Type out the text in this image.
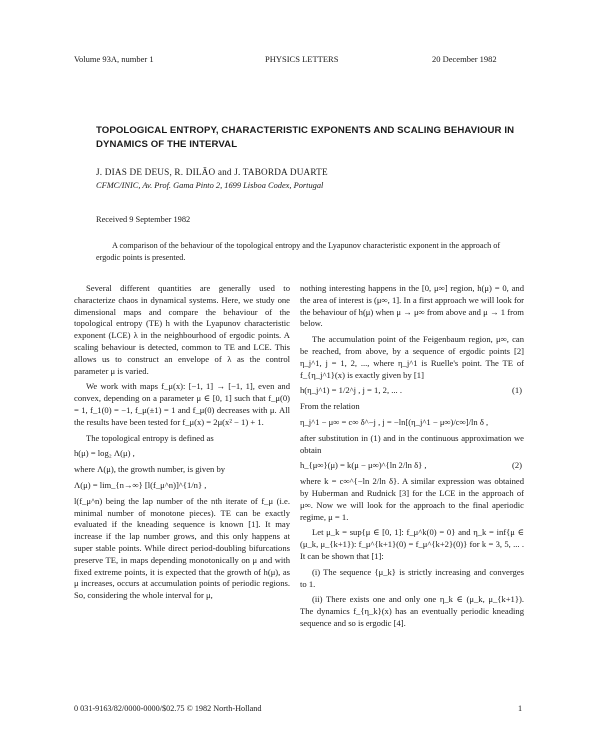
Volume 93A, number 1	PHYSICS LETTERS	20 December 1982
TOPOLOGICAL ENTROPY, CHARACTERISTIC EXPONENTS AND SCALING BEHAVIOUR IN DYNAMICS OF THE INTERVAL
J. DIAS DE DEUS, R. DILÃO and J. TABORDA DUARTE
CFMC/INIC, Av. Prof. Gama Pinto 2, 1699 Lisboa Codex, Portugal
Received 9 September 1982
A comparison of the behaviour of the topological entropy and the Lyapunov characteristic exponent in the approach of ergodic points is presented.

Several different quantities are generally used to characterize chaos in dynamical systems. Here, we study one dimensional maps and compare the behaviour of the topological entropy (TE) h with the Lyapunov characteristic exponent (LCE) λ in the neighbourhood of ergodic points. A scaling behaviour is detected, common to TE and LCE. This allows us to construct an envelope of λ as the control parameter μ is varied.

We work with maps f_μ(x): [−1, 1] → [−1, 1], even and convex, depending on a parameter μ ∈ [0, 1] such that f_μ(0) = 1, f_1(0) = −1, f_μ(±1) = 1 and f_μ(0) decreases with μ. All the results have been tested for f_μ(x) = 2μ(x² − 1) + 1.

The topological entropy is defined as

h(μ) = log₂ Λ(μ) ,

where Λ(μ), the growth number, is given by

Λ(μ) = lim_{n→∞} [l(f_μ^n)]^{1/n} ,

l(f_μ^n) being the lap number of the nth iterate of f_μ (i.e. minimal number of monotone pieces). TE can be exactly evaluated if the kneading sequence is known [1]. It may increase if the lap number grows, and this only happens at super stable points. While direct period-doubling bifurcations preserve TE, in maps depending monotonically on μ and with fixed extreme points, it is expected that the growth of h(μ), as μ increases, occurs at accumulation points of periodic regions. So, considering the whole interval for μ,

nothing interesting happens in the [0, μ∞] region, h(μ) = 0, and the area of interest is (μ∞, 1]. In a first approach we will look for the behaviour of h(μ) when μ → μ∞ from above and μ → 1 from below.

The accumulation point of the Feigenbaum region, μ∞, can be reached, from above, by a sequence of ergodic points [2] η_j^1, j = 1, 2, ..., where η_j^1 is Ruelle's point. The TE of f_{η_j^1}(x) is exactly given by [1]

h(η_j^1) = 1/2^j , j = 1, 2, ... .	(1)

From the relation

η_j^1 − μ∞ = c∞ δ^−j , j = −ln[(η_j^1 − μ∞)/c∞]/ln δ ,

after substitution in (1) and in the continuous approximation we obtain

h_{μ∞}(μ) = k(μ − μ∞)^{ln 2/ln δ} ,	(2)

where k = c∞^{−ln 2/ln δ}. A similar expression was obtained by Huberman and Rudnick [3] for the LCE in the approach of μ∞. Now we will look for the approach to the final aperiodic regime, μ = 1.

Let μ_k = sup{μ ∈ [0, 1]: f_μ^k(0) = 0} and η_k = inf{μ ∈ (μ_k, μ_{k+1}): f_μ^{k+1}(0) = f_μ^{k+2}(0)} for k = 3, 5, ... . It can be shown that [1]:

(i) The sequence {μ_k} is strictly increasing and converges to 1.

(ii) There exists one and only one η_k ∈ (μ_k, μ_{k+1}). The dynamics f_{η_k}(x) has an eventually periodic kneading sequence and so is ergodic [4].

0 031-9163/82/0000-0000/$02.75 © 1982 North-Holland	1
